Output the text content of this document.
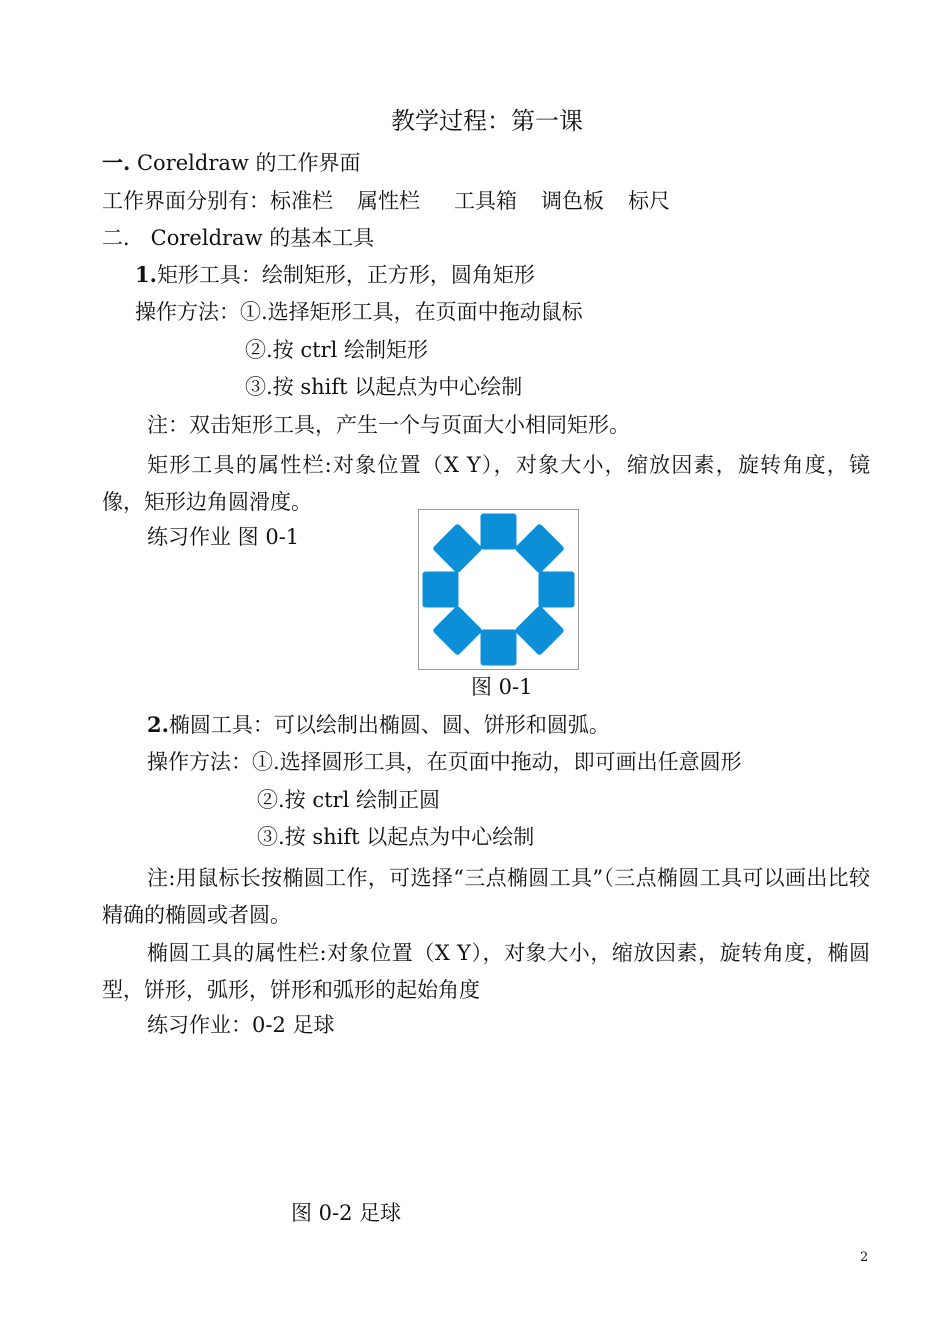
教学过程：第一课
一. Coreldraw 的工作界面
工作界面分别有：标准栏 属性栏 工具箱 调色板 标尺
二． Coreldraw 的基本工具
1.矩形工具：绘制矩形，正方形，圆角矩形
操作方法：①.选择矩形工具，在页面中拖动鼠标
②.按 ctrl 绘制矩形
③.按 shift 以起点为中心绘制
注：双击矩形工具，产生一个与页面大小相同矩形。
矩形工具的属性栏:对象位置（X Y），对象大小，缩放因素，旋转角度，镜像，矩形边角圆滑度。
练习作业 图 0-1
图 0-1
2.椭圆工具：可以绘制出椭圆、圆、饼形和圆弧。
操作方法：①.选择圆形工具，在页面中拖动，即可画出任意圆形
②.按 ctrl 绘制正圆
③.按 shift 以起点为中心绘制
注:用鼠标长按椭圆工作，可选择“三点椭圆工具”（三点椭圆工具可以画出比较精确的椭圆或者圆。
椭圆工具的属性栏:对象位置（X Y），对象大小，缩放因素，旋转角度，椭圆型，饼形，弧形，饼形和弧形的起始角度
练习作业：0-2 足球
图 0-2 足球
2
